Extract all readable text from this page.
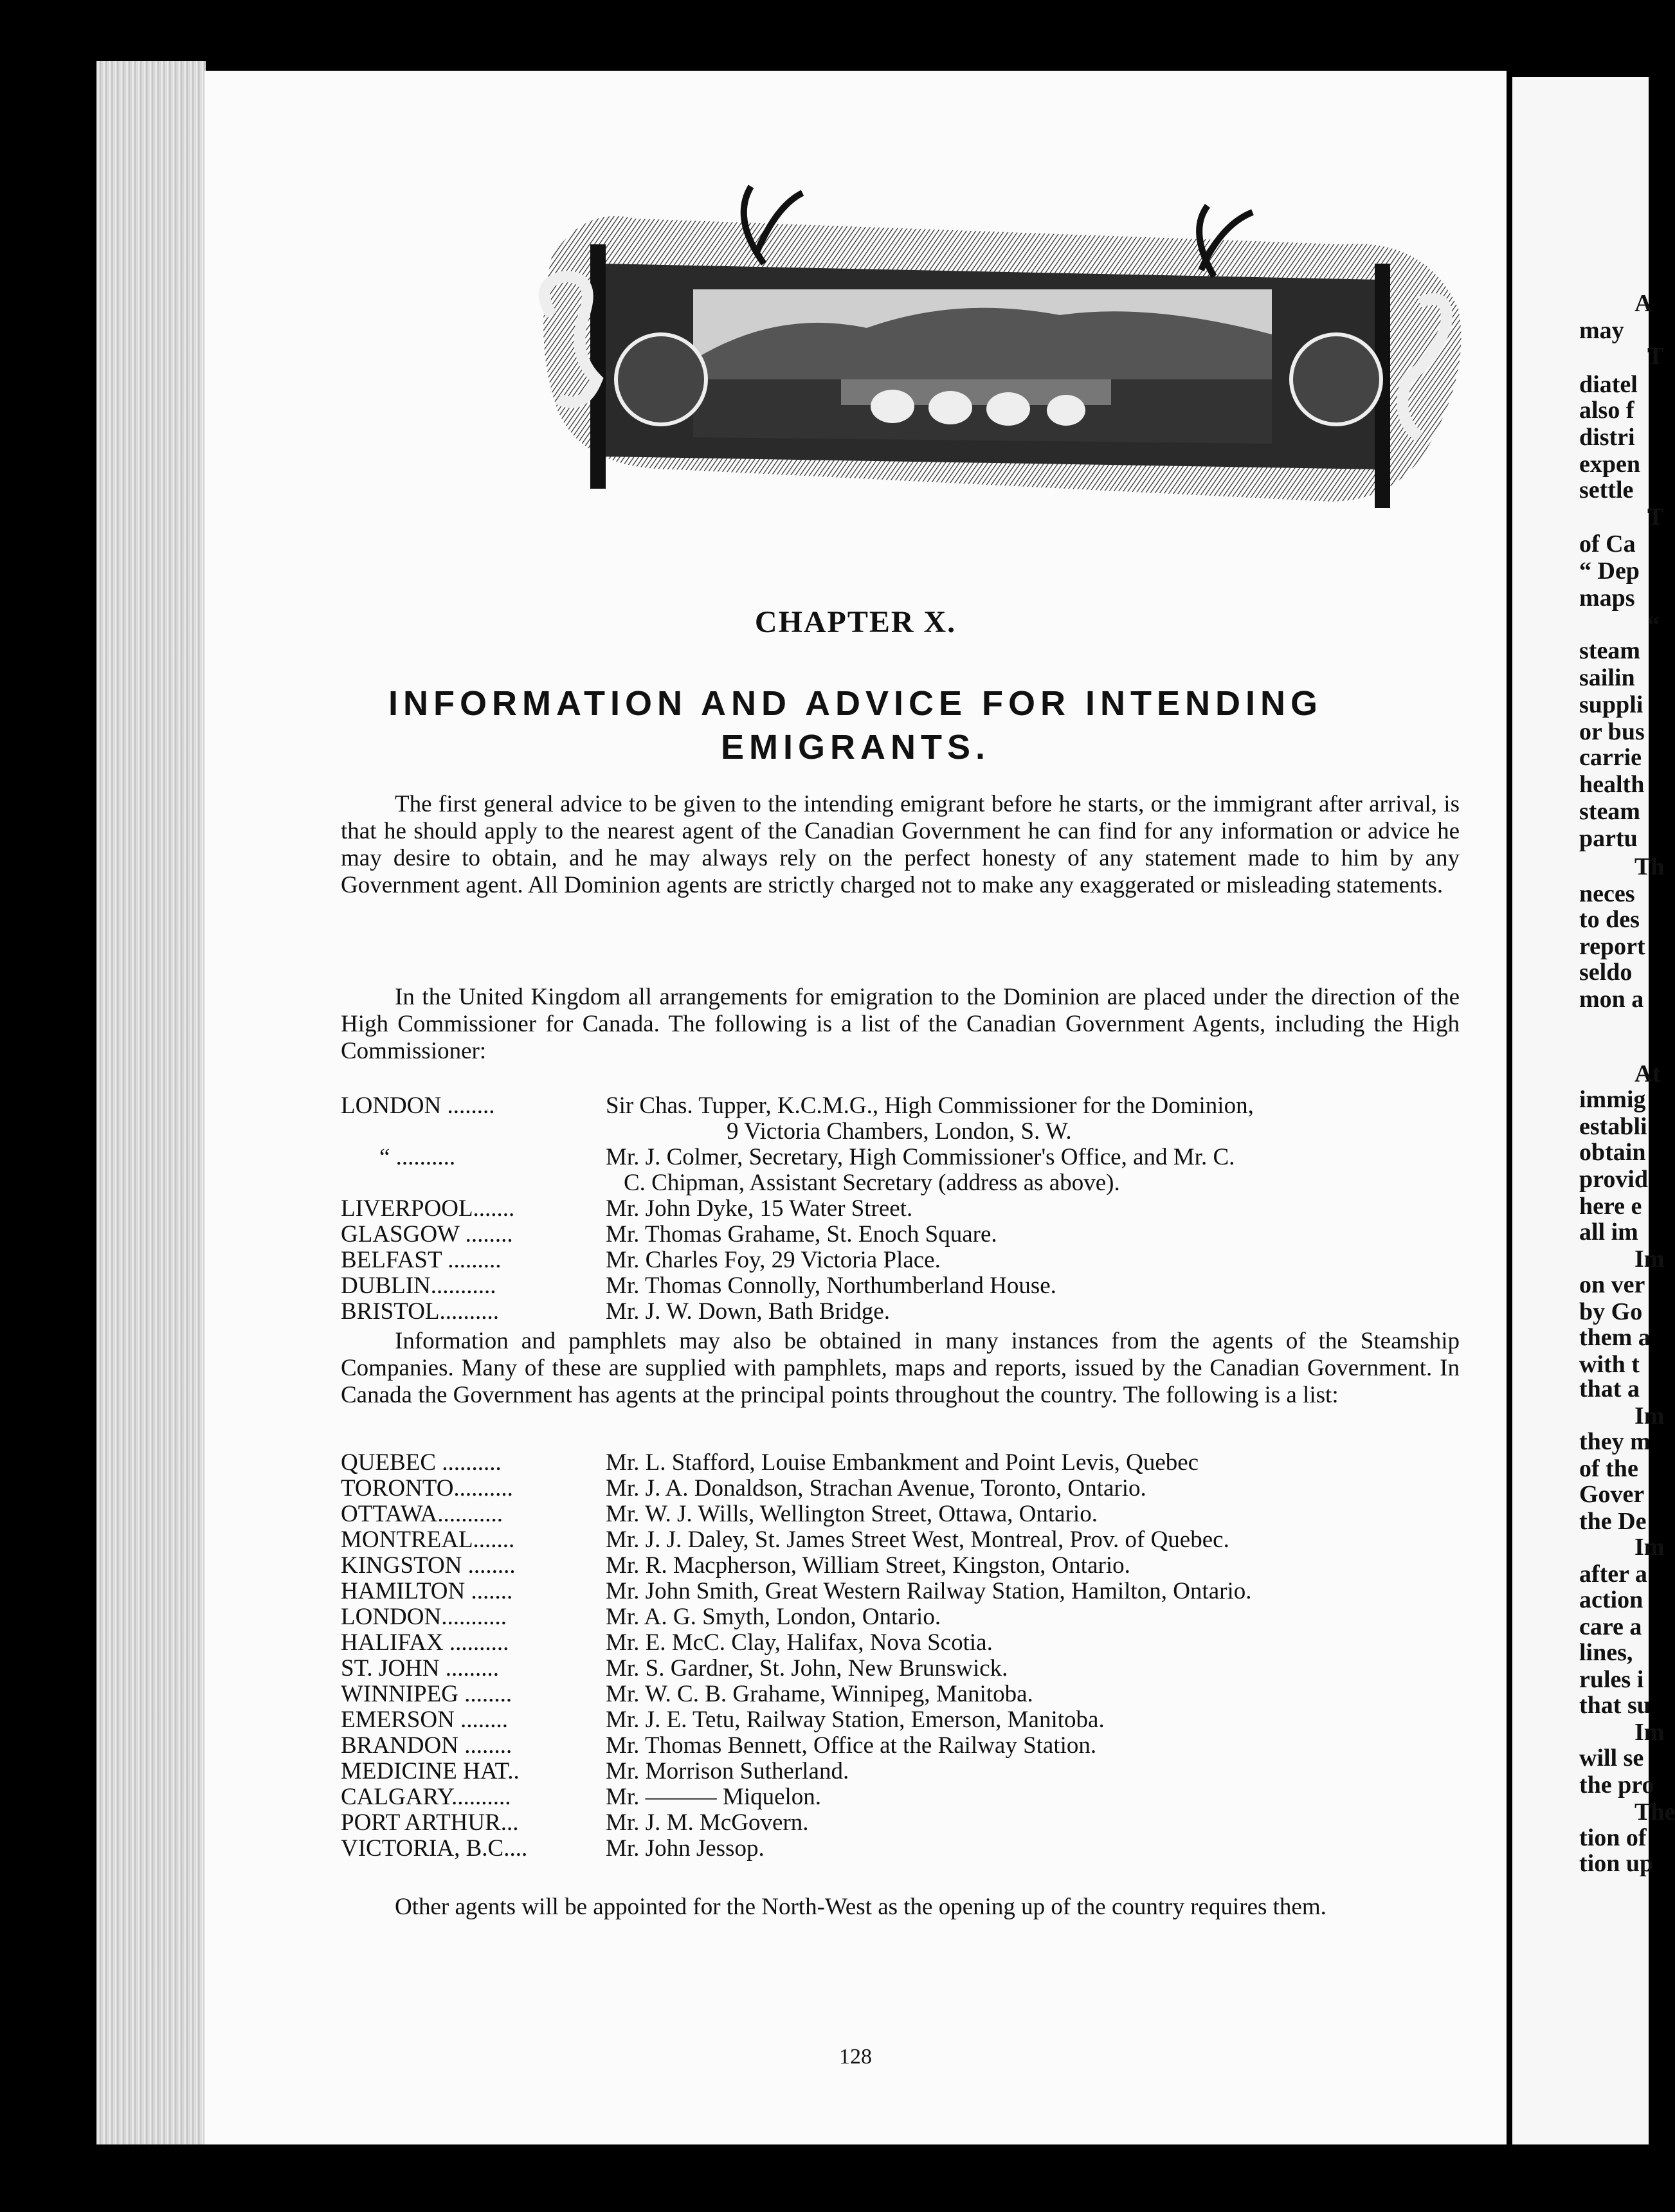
CHAPTER X.
INFORMATION AND ADVICE FOR INTENDING
EMIGRANTS.

The first general advice to be given to the intending emigrant before he starts, or the immigrant after arrival, is that he should apply to the nearest agent of the Canadian Government he can find for any information or advice he may desire to obtain, and he may always rely on the perfect honesty of any statement made to him by any Government agent. All Dominion agents are strictly charged not to make any exaggerated or misleading statements.

In the United Kingdom all arrangements for emigration to the Dominion are placed under the direction of the High Commissioner for Canada. The following is a list of the Canadian Government Agents, including the High Commissioner:

LONDON ........	Sir Chas. Tupper, K.C.M.G., High Commissioner for the Dominion,
9 Victoria Chambers, London, S. W.
“ ..........	Mr. J. Colmer, Secretary, High Commissioner's Office, and Mr. C.
C. Chipman, Assistant Secretary (address as above).
LIVERPOOL.......	Mr. John Dyke, 15 Water Street.
GLASGOW ........	Mr. Thomas Grahame, St. Enoch Square.
BELFAST .........	Mr. Charles Foy, 29 Victoria Place.
DUBLIN...........	Mr. Thomas Connolly, Northumberland House.
BRISTOL..........	Mr. J. W. Down, Bath Bridge.

Information and pamphlets may also be obtained in many instances from the agents of the Steamship Companies. Many of these are supplied with pamphlets, maps and reports, issued by the Canadian Government. In Canada the Government has agents at the principal points throughout the country. The following is a list:

QUEBEC ..........	Mr. L. Stafford, Louise Embankment and Point Levis, Quebec
TORONTO..........	Mr. J. A. Donaldson, Strachan Avenue, Toronto, Ontario.
OTTAWA...........	Mr. W. J. Wills, Wellington Street, Ottawa, Ontario.
MONTREAL.......	Mr. J. J. Daley, St. James Street West, Montreal, Prov. of Quebec.
KINGSTON ........	Mr. R. Macpherson, William Street, Kingston, Ontario.
HAMILTON .......	Mr. John Smith, Great Western Railway Station, Hamilton, Ontario.
LONDON...........	Mr. A. G. Smyth, London, Ontario.
HALIFAX ..........	Mr. E. McC. Clay, Halifax, Nova Scotia.
ST. JOHN .........	Mr. S. Gardner, St. John, New Brunswick.
WINNIPEG ........	Mr. W. C. B. Grahame, Winnipeg, Manitoba.
EMERSON ........	Mr. J. E. Tetu, Railway Station, Emerson, Manitoba.
BRANDON ........	Mr. Thomas Bennett, Office at the Railway Station.
MEDICINE HAT..	Mr. Morrison Sutherland.
CALGARY..........	Mr. ——— Miquelon.
PORT ARTHUR...	Mr. J. M. McGovern.
VICTORIA, B.C....	Mr. John Jessop.

Other agents will be appointed for the North-West as the opening up of the country requires them.

128
A
may
T
diatel
also f
distri
expen
settle
T
of Ca
“ Dep
maps
“
steam
sailin
suppli
or bus
carrie
health
steam
partu
Th
neces
to des
report
seldo
mon a
At
immig
establi
obtain
provid
here e
all im
Im
on ver
by Go
them a
with t
that a
Im
they m
of the
Gover
the De
Im
after a
action
care a
lines,
rules i
that su
Im
will se
the pro
The
tion of
tion up
